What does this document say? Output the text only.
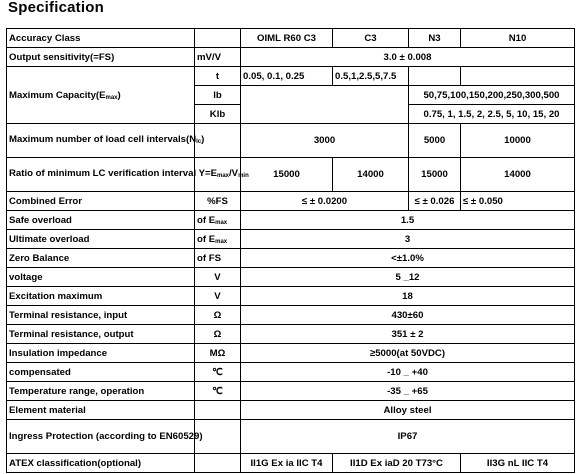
Specification
Accuracy Class		OIML R60 C3	C3	N3	N10
Output sensitivity(=FS)	mV/V	3.0 ± 0.008			
Maximum $Capacity(E_{max})$	t	0.05, 0.1, 0.25	0.5,1,2.5,5,7.5		
	lb			50,75,100,150,200,250,300,500	
	Klb			0.75, 1, 1.5, 2, 2.5, 5, 10, 15, 20	
Maximum number of load cell $intervals(N_{lc})$		3000		5000	10000
Ratio of minimum LC verification interval $Y=E_{max}/V_{min}$		15000	14000	15000	14000
Combined Error	%FS	≤ ± 0.0200		≤ ± 0.026	≤ ± 0.050
Safe overload	of $E_{max}$	1.5			
Ultimate overload	of $E_{max}$	3			
Zero Balance	of FS	<±1.0%			
voltage	V	5 _12			
Excitation maximum	V	18			
Terminal resistance, input	Ω	430±60			
Terminal resistance, output	Ω	351 ± 2			
Insulation impedance	MΩ	≥5000(at 50VDC)			
compensated	℃	-10 _ +40			
Temperature range, operation	℃	-35 _ +65			
Element material		Alloy steel			
Ingress Protection (according to EN60529)		IP67			
ATEX classification(optional)		II1G Ex ia IIC T4	II1D Ex iaD 20 T73°C		II3G nL IIC T4
